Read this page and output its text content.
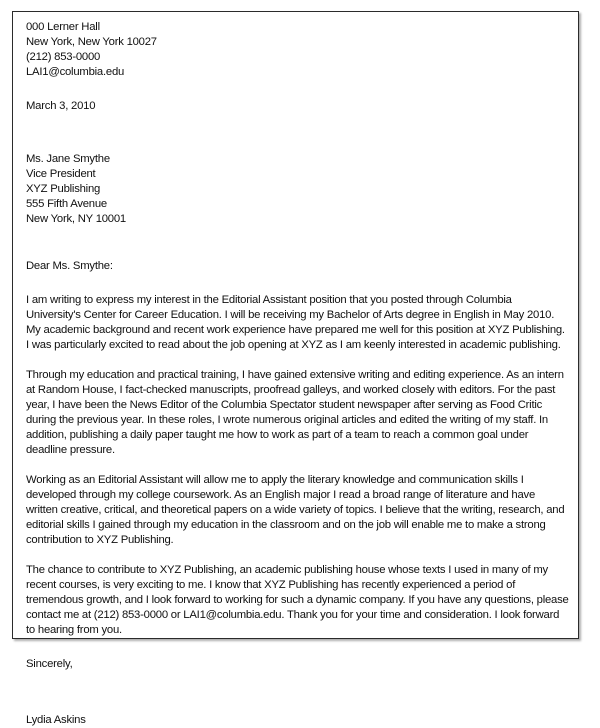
000 Lerner Hall
New York, New York 10027
(212) 853-0000
LAI1@columbia.edu
March 3, 2010
Ms. Jane Smythe
Vice President
XYZ Publishing
555 Fifth Avenue
New York, NY 10001
Dear Ms. Smythe:

I am writing to express my interest in the Editorial Assistant position that you posted through Columbia University's Center for Career Education. I will be receiving my Bachelor of Arts degree in English in May 2010. My academic background and recent work experience have prepared me well for this position at XYZ Publishing. I was particularly excited to read about the job opening at XYZ as I am keenly interested in academic publishing.

Through my education and practical training, I have gained extensive writing and editing experience. As an intern at Random House, I fact-checked manuscripts, proofread galleys, and worked closely with editors. For the past year, I have been the News Editor of the Columbia Spectator student newspaper after serving as Food Critic during the previous year. In these roles, I wrote numerous original articles and edited the writing of my staff. In addition, publishing a daily paper taught me how to work as part of a team to reach a common goal under deadline pressure.

Working as an Editorial Assistant will allow me to apply the literary knowledge and communication skills I developed through my college coursework. As an English major I read a broad range of literature and have written creative, critical, and theoretical papers on a wide variety of topics. I believe that the writing, research, and editorial skills I gained through my education in the classroom and on the job will enable me to make a strong contribution to XYZ Publishing.

The chance to contribute to XYZ Publishing, an academic publishing house whose texts I used in many of my recent courses, is very exciting to me. I know that XYZ Publishing has recently experienced a period of tremendous growth, and I look forward to working for such a dynamic company. If you have any questions, please contact me at (212) 853-0000 or LAI1@columbia.edu. Thank you for your time and consideration. I look forward to hearing from you.

Sincerely,
Lydia Askins
